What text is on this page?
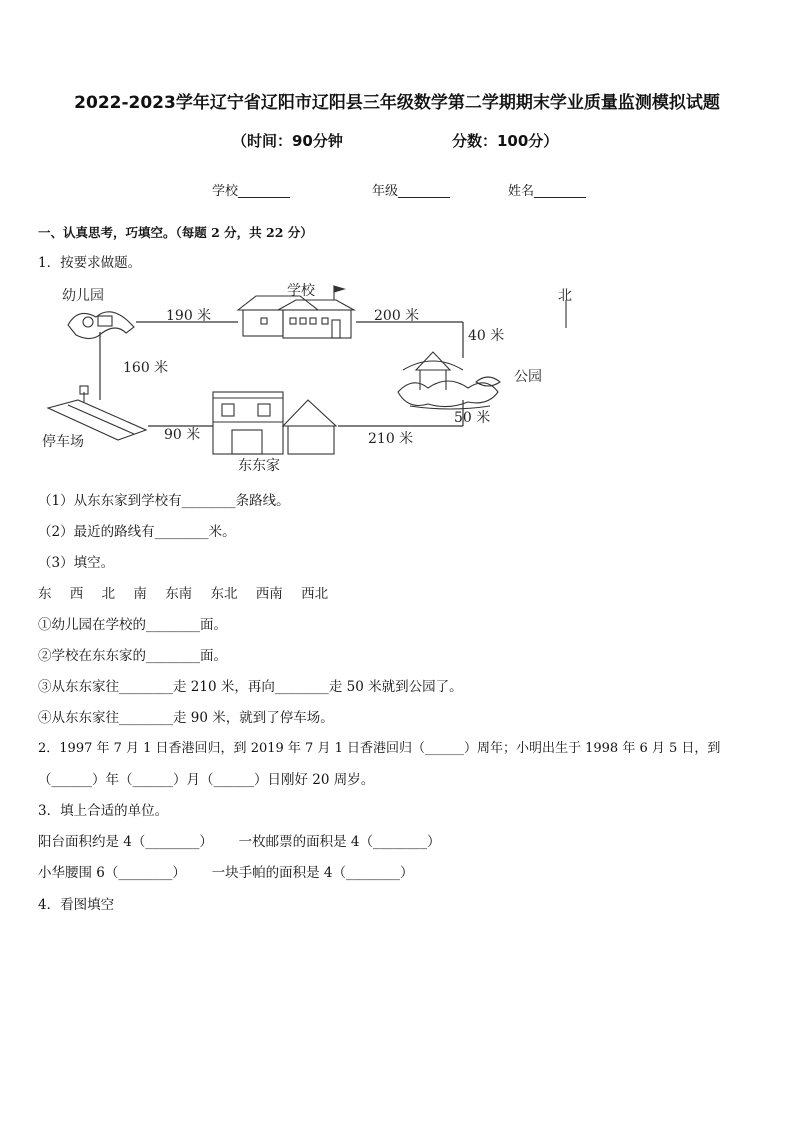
2022-2023学年辽宁省辽阳市辽阳县三年级数学第二学期期末学业质量监测模拟试题
（时间：90分钟	分数：100分）
学校________	年级________	姓名________
一、认真思考，巧填空。（每题 2 分，共 22 分）
1．按要求做题。
幼儿园
190 米
学校
200 米
北
40 米
公园
160 米
50 米
停车场	90 米
东东家
210 米
（1）从东东家到学校有________条路线。
（2）最近的路线有________米。
（3）填空。
东 西 北 南 东南 东北 西南 西北
①幼儿园在学校的________面。
②学校在东东家的________面。
③从东东家往________走 210 米，再向________走 50 米就到公园了。
④从东东家往________走 90 米，就到了停车场。
2．1997 年 7 月 1 日香港回归，到 2019 年 7 月 1 日香港回归（______）周年；小明出生于 1998 年 6 月 5 日，到
（______）年（______）月（______）日刚好 20 周岁。
3．填上合适的单位。
阳台面积约是 4（________）      一枚邮票的面积是 4（________）
小华腰围 6（________）      一块手帕的面积是 4（________）
4．看图填空
